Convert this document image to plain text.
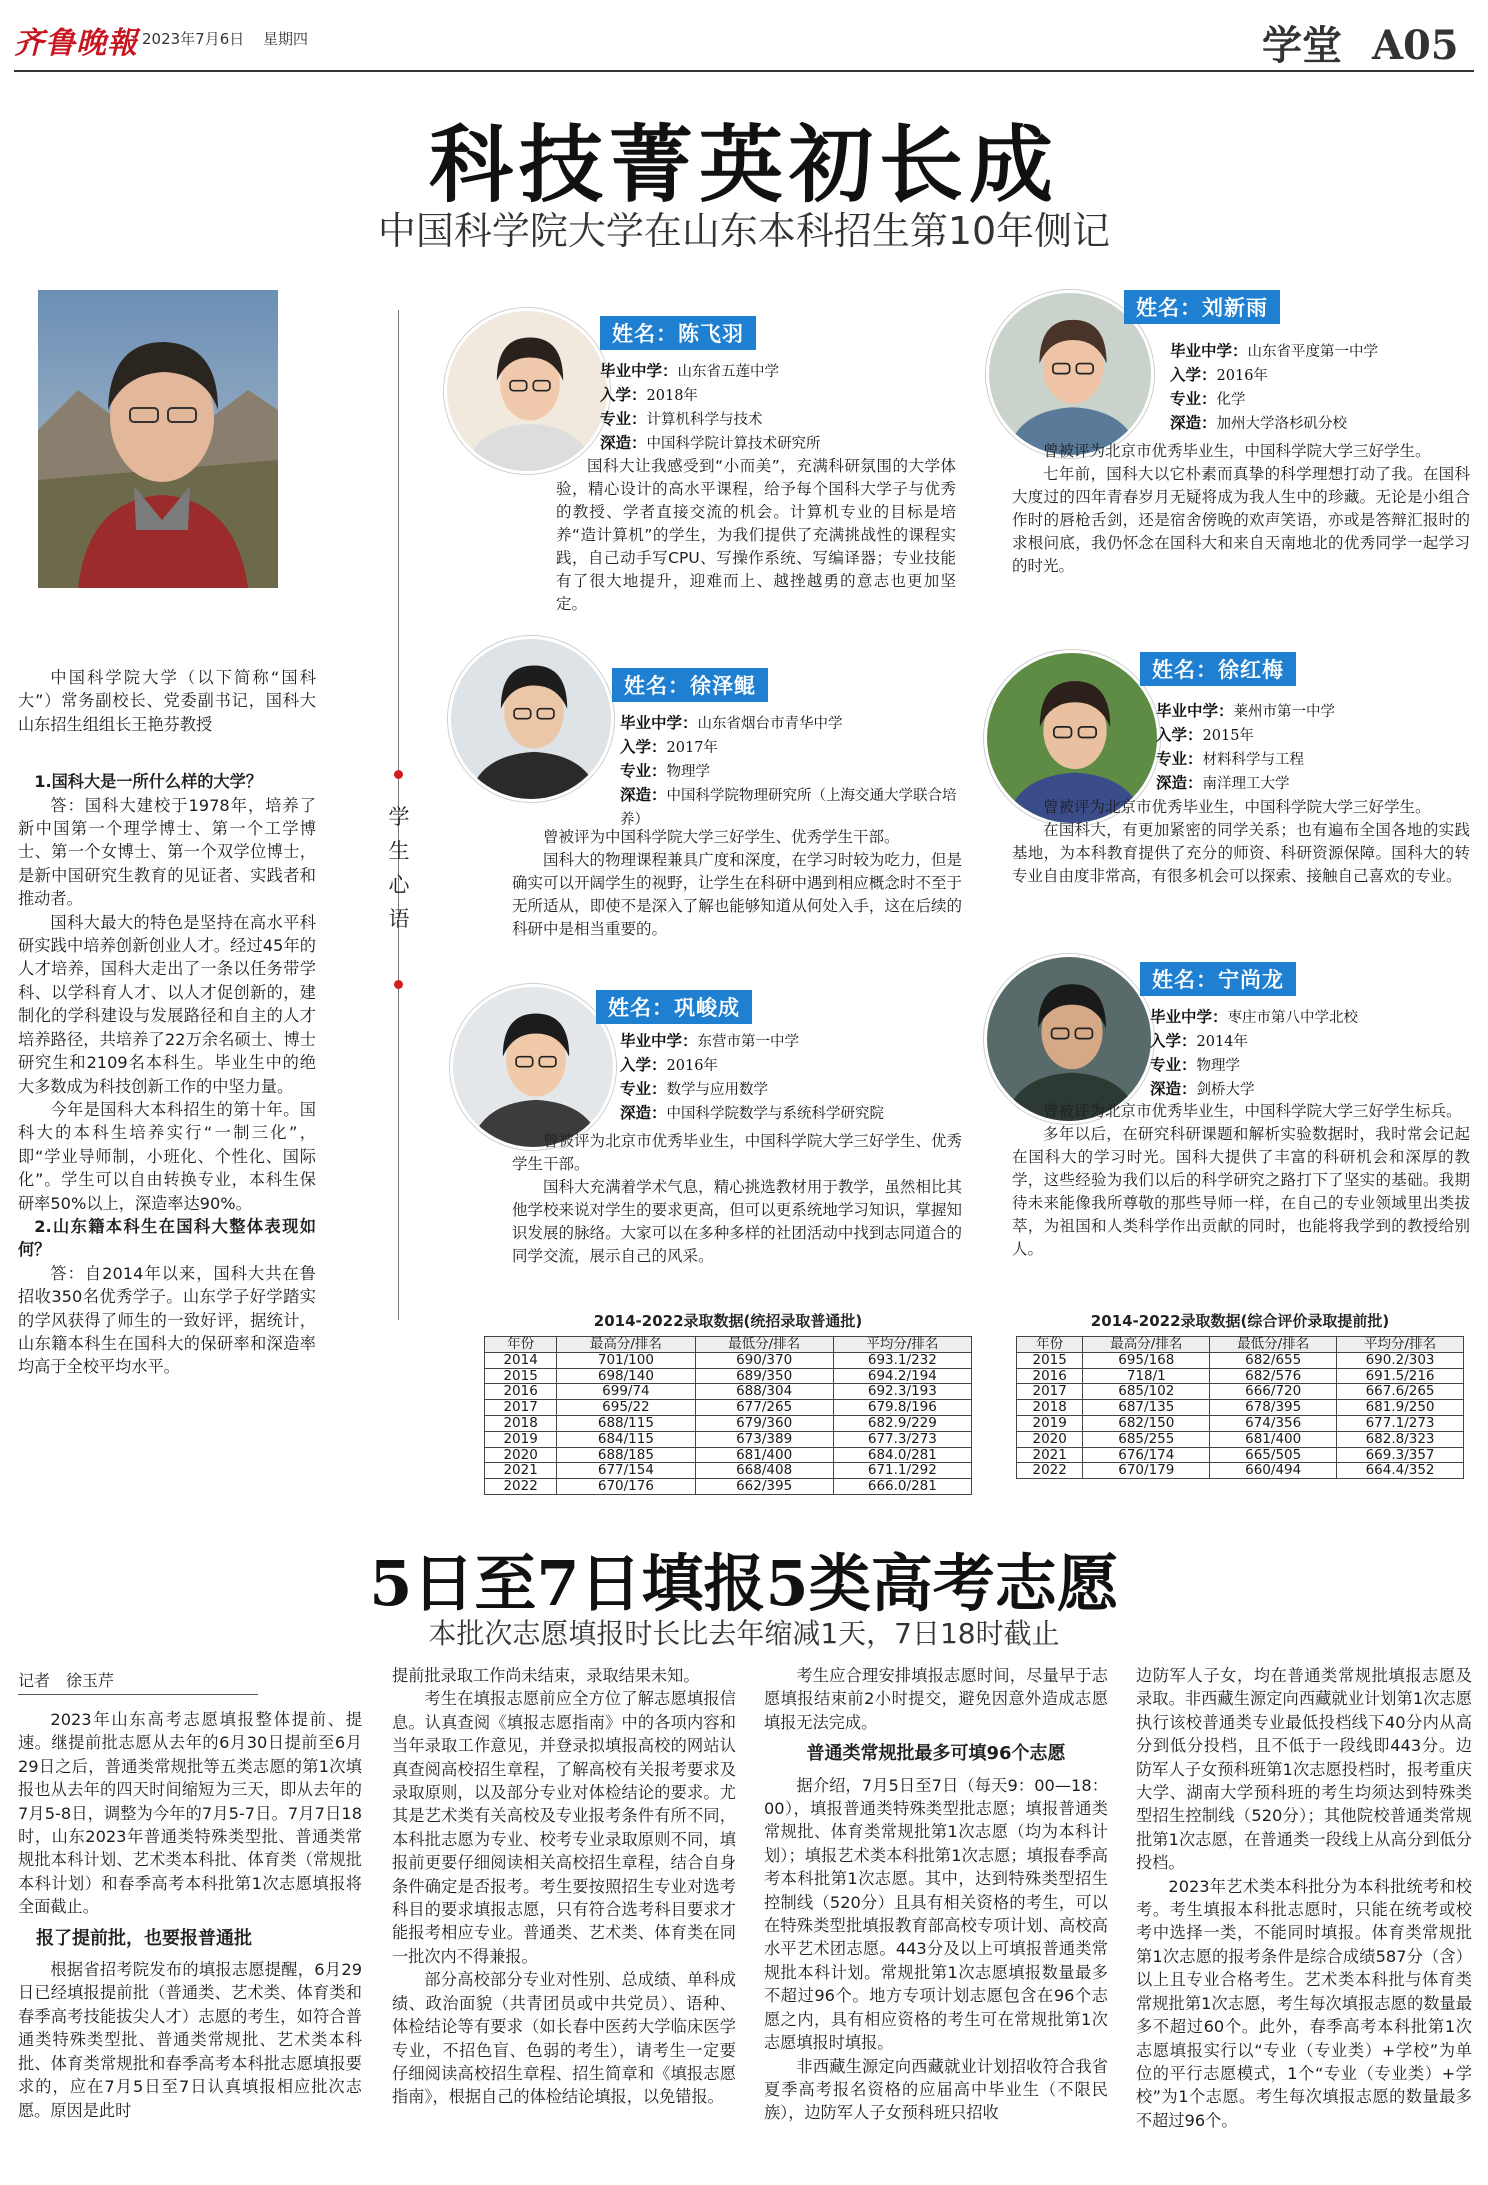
齐鲁晚報 2023年7月6日 星期四	学堂 A05
科技菁英初长成
中国科学院大学在山东本科招生第10年侧记

中国科学院大学（以下简称“国科大”）常务副校长、党委副书记，国科大山东招生组组长王艳芬教授

1.国科大是一所什么样的大学？

答：国科大建校于1978年，培养了新中国第一个理学博士、第一个工学博士、第一个女博士、第一个双学位博士，是新中国研究生教育的见证者、实践者和推动者。

国科大最大的特色是坚持在高水平科研实践中培养创新创业人才。经过45年的人才培养，国科大走出了一条以任务带学科、以学科育人才、以人才促创新的，建制化的学科建设与发展路径和自主的人才培养路径，共培养了22万余名硕士、博士研究生和2109名本科生。毕业生中的绝大多数成为科技创新工作的中坚力量。

今年是国科大本科招生的第十年。国科大的本科生培养实行“一制三化”，即“学业导师制，小班化、个性化、国际化”。学生可以自由转换专业，本科生保研率50%以上，深造率达90%。

2.山东籍本科生在国科大整体表现如何？

答：自2014年以来，国科大共在鲁招收350名优秀学子。山东学子好学踏实的学风获得了师生的一致好评，据统计，山东籍本科生在国科大的保研率和深造率均高于全校平均水平。

学生心语
姓名：陈飞羽
毕业中学：山东省五莲中学
入学：2018年
专业：计算机科学与技术
深造：中国科学院计算技术研究所

国科大让我感受到“小而美”，充满科研氛围的大学体验，精心设计的高水平课程，给予每个国科大学子与优秀的教授、学者直接交流的机会。计算机专业的目标是培养“造计算机”的学生，为我们提供了充满挑战性的课程实践，自己动手写CPU、写操作系统、写编译器；专业技能有了很大地提升，迎难而上、越挫越勇的意志也更加坚定。

姓名：刘新雨
毕业中学：山东省平度第一中学
入学：2016年
专业：化学
深造：加州大学洛杉矶分校

曾被评为北京市优秀毕业生，中国科学院大学三好学生。

七年前，国科大以它朴素而真挚的科学理想打动了我。在国科大度过的四年青春岁月无疑将成为我人生中的珍藏。无论是小组合作时的唇枪舌剑，还是宿舍傍晚的欢声笑语，亦或是答辩汇报时的求根问底，我仍怀念在国科大和来自天南地北的优秀同学一起学习的时光。

姓名：徐泽鲲
毕业中学：山东省烟台市青华中学
入学：2017年
专业：物理学
深造：中国科学院物理研究所（上海交通大学联合培养）

曾被评为中国科学院大学三好学生、优秀学生干部。

国科大的物理课程兼具广度和深度，在学习时较为吃力，但是确实可以开阔学生的视野，让学生在科研中遇到相应概念时不至于无所适从，即使不是深入了解也能够知道从何处入手，这在后续的科研中是相当重要的。

姓名：徐红梅
毕业中学：莱州市第一中学
入学：2015年
专业：材料科学与工程
深造：南洋理工大学

曾被评为北京市优秀毕业生，中国科学院大学三好学生。

在国科大，有更加紧密的同学关系；也有遍布全国各地的实践基地，为本科教育提供了充分的师资、科研资源保障。国科大的转专业自由度非常高，有很多机会可以探索、接触自己喜欢的专业。

姓名：巩峻成
毕业中学：东营市第一中学
入学：2016年
专业：数学与应用数学
深造：中国科学院数学与系统科学研究院

曾被评为北京市优秀毕业生，中国科学院大学三好学生、优秀学生干部。

国科大充满着学术气息，精心挑选教材用于教学，虽然相比其他学校来说对学生的要求更高，但可以更系统地学习知识，掌握知识发展的脉络。大家可以在多种多样的社团活动中找到志同道合的同学交流，展示自己的风采。

姓名：宁尚龙
毕业中学：枣庄市第八中学北校
入学：2014年
专业：物理学
深造：剑桥大学

曾被评为北京市优秀毕业生，中国科学院大学三好学生标兵。

多年以后，在研究科研课题和解析实验数据时，我时常会记起在国科大的学习时光。国科大提供了丰富的科研机会和深厚的教学，这些经验为我们以后的科学研究之路打下了坚实的基础。我期待未来能像我所尊敬的那些导师一样，在自己的专业领域里出类拔萃，为祖国和人类科学作出贡献的同时，也能将我学到的教授给别人。

2014-2022录取数据(统招录取普通批)
年份	最高分/排名	最低分/排名	平均分/排名
2014	701/100	690/370	693.1/232
2015	698/140	689/350	694.2/194
2016	699/74	688/304	692.3/193
2017	695/22	677/265	679.8/196
2018	688/115	679/360	682.9/229
2019	684/115	673/389	677.3/273
2020	688/185	681/400	684.0/281
2021	677/154	668/408	671.1/292
2022	670/176	662/395	666.0/281
2014-2022录取数据(综合评价录取提前批)
年份	最高分/排名	最低分/排名	平均分/排名
2015	695/168	682/655	690.2/303
2016	718/1	682/576	691.5/216
2017	685/102	666/720	667.6/265
2018	687/135	678/395	681.9/250
2019	682/150	674/356	677.1/273
2020	685/255	681/400	682.8/323
2021	676/174	665/505	669.3/357
2022	670/179	660/494	664.4/352
5日至7日填报5类高考志愿
本批次志愿填报时长比去年缩减1天，7日18时截止
记者　徐玉芹

2023年山东高考志愿填报整体提前、提速。继提前批志愿从去年的6月30日提前至6月29日之后，普通类常规批等五类志愿的第1次填报也从去年的四天时间缩短为三天，即从去年的7月5-8日，调整为今年的7月5-7日。7月7日18时，山东2023年普通类特殊类型批、普通类常规批本科计划、艺术类本科批、体育类（常规批本科计划）和春季高考本科批第1次志愿填报将全面截止。

报了提前批，也要报普通批

根据省招考院发布的填报志愿提醒，6月29日已经填报提前批（普通类、艺术类、体育类和春季高考技能拔尖人才）志愿的考生，如符合普通类特殊类型批、普通类常规批、艺术类本科批、体育类常规批和春季高考本科批志愿填报要求的，应在7月5日至7日认真填报相应批次志愿。原因是此时

提前批录取工作尚未结束，录取结果未知。

考生在填报志愿前应全方位了解志愿填报信息。认真查阅《填报志愿指南》中的各项内容和当年录取工作意见，并登录拟填报高校的网站认真查阅高校招生章程，了解高校有关报考要求及录取原则，以及部分专业对体检结论的要求。尤其是艺术类有关高校及专业报考条件有所不同，本科批志愿为专业、校考专业录取原则不同，填报前更要仔细阅读相关高校招生章程，结合自身条件确定是否报考。考生要按照招生专业对选考科目的要求填报志愿，只有符合选考科目要求才能报考相应专业。普通类、艺术类、体育类在同一批次内不得兼报。

部分高校部分专业对性别、总成绩、单科成绩、政治面貌（共青团员或中共党员）、语种、体检结论等有要求（如长春中医药大学临床医学专业，不招色盲、色弱的考生），请考生一定要仔细阅读高校招生章程、招生简章和《填报志愿指南》，根据自己的体检结论填报，以免错报。

考生应合理安排填报志愿时间，尽量早于志愿填报结束前2小时提交，避免因意外造成志愿填报无法完成。

普通类常规批最多可填96个志愿

据介绍，7月5日至7日（每天9：00—18：00），填报普通类特殊类型批志愿；填报普通类常规批、体育类常规批第1次志愿（均为本科计划）；填报艺术类本科批第1次志愿；填报春季高考本科批第1次志愿。其中，达到特殊类型招生控制线（520分）且具有相关资格的考生，可以在特殊类型批填报教育部高校专项计划、高校高水平艺术团志愿。443分及以上可填报普通类常规批本科计划。常规批第1次志愿填报数量最多不超过96个。地方专项计划志愿包含在96个志愿之内，具有相应资格的考生可在常规批第1次志愿填报时填报。

非西藏生源定向西藏就业计划招收符合我省夏季高考报名资格的应届高中毕业生（不限民族），边防军人子女预科班只招收

边防军人子女，均在普通类常规批填报志愿及录取。非西藏生源定向西藏就业计划第1次志愿执行该校普通类专业最低投档线下40分内从高分到低分投档，且不低于一段线即443分。边防军人子女预科班第1次志愿投档时，报考重庆大学、湖南大学预科班的考生均须达到特殊类型招生控制线（520分）；其他院校普通类常规批第1次志愿，在普通类一段线上从高分到低分投档。

2023年艺术类本科批分为本科批统考和校考。考生填报本科批志愿时，只能在统考或校考中选择一类，不能同时填报。体育类常规批第1次志愿的报考条件是综合成绩587分（含）以上且专业合格考生。艺术类本科批与体育类常规批第1次志愿，考生每次填报志愿的数量最多不超过60个。此外，春季高考本科批第1次志愿填报实行以“专业（专业类）+学校”为单位的平行志愿模式，1个“专业（专业类）+学校”为1个志愿。考生每次填报志愿的数量最多不超过96个。
